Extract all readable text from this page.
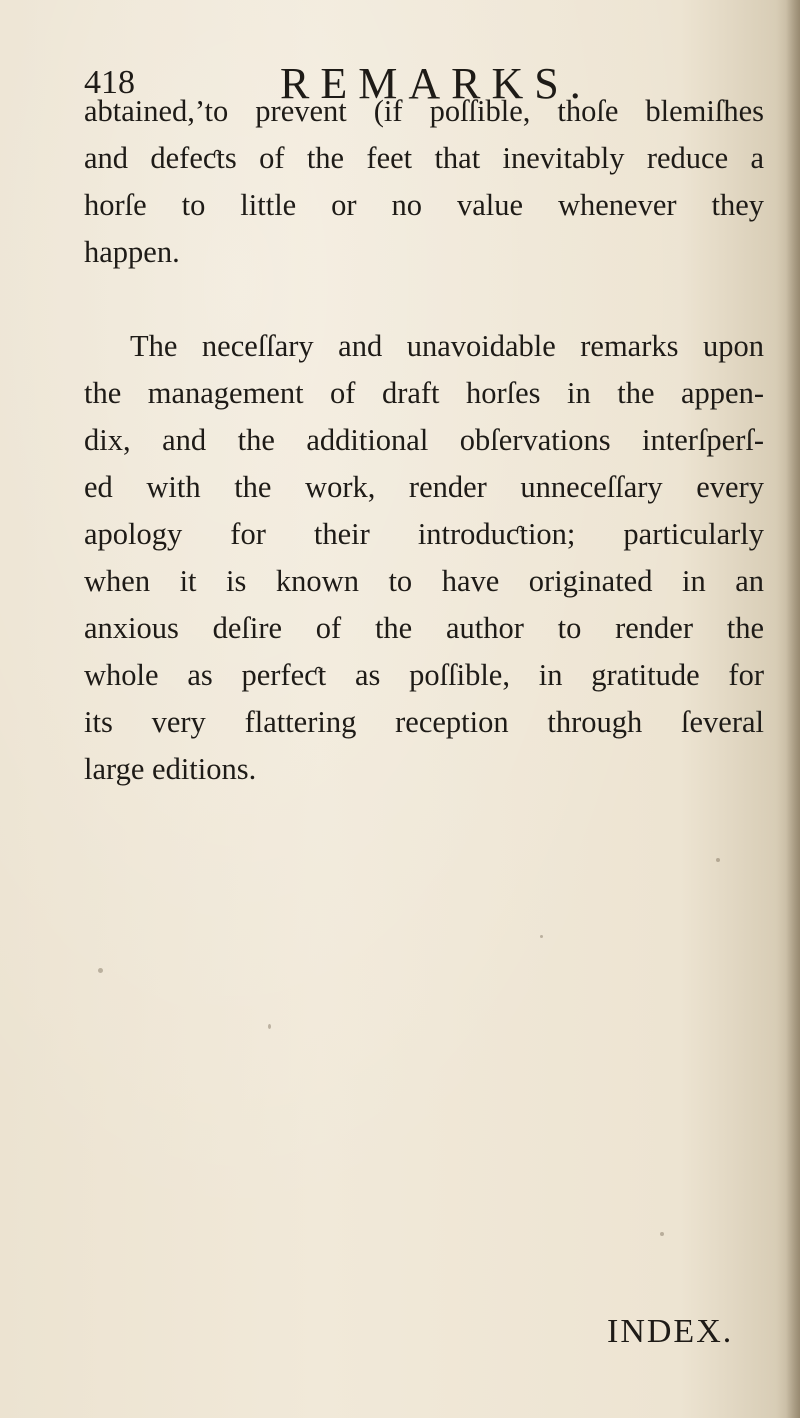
418	REMARKS.

abtained,’to prevent (if poſſible, thoſe blemiſhes
and defeƈts of the feet that inevitably reduce a
horſe to little or no value whenever they
happen.

The neceſſary and unavoidable remarks upon
the management of draft horſes in the appen-
dix, and the additional obſervations interſperſ-
ed with the work, render unneceſſary every
apology for their introduƈtion; particularly
when it is known to have originated in an
anxious deſire of the author to render the
whole as perfeƈt as poſſible, in gratitude for
its very flattering reception through ſeveral
large editions.

INDEX.
